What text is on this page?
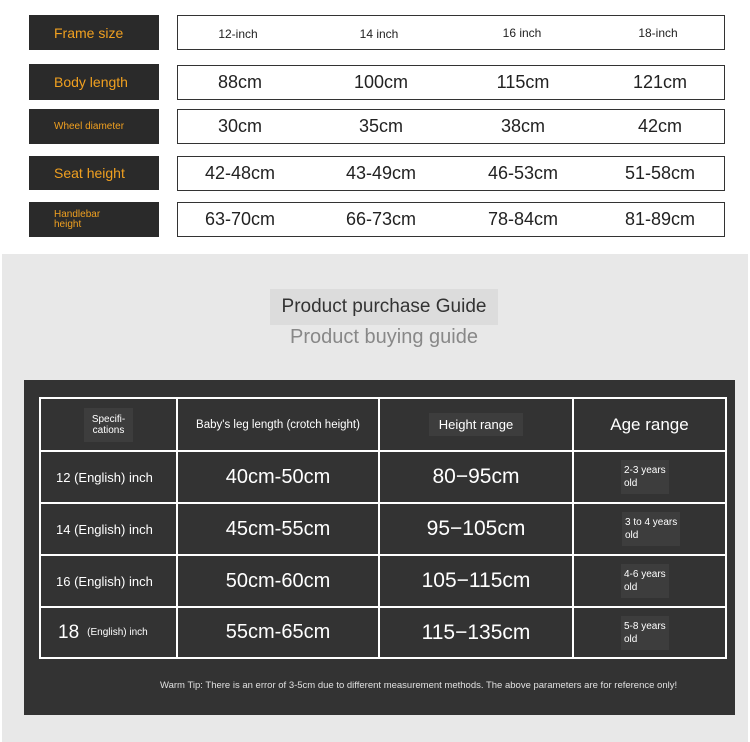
Frame size	12-inch	14 inch	16 inch	18-inch
Body length	88cm	100cm	115cm	121cm
Wheel diameter	30cm	35cm	38cm	42cm
Seat height	42-48cm	43-49cm	46-53cm	51-58cm
Handlebar
height	63-70cm	66-73cm	78-84cm	81-89cm
Product purchase Guide
Product buying guide
Specifi-
cations	Baby's leg length (crotch height)	Height range	Age range
12 (English) inch	40cm-50cm	80−95cm	2-3 years
old
14 (English) inch	45cm-55cm	95−105cm	3 to 4 years
old
16 (English) inch	50cm-60cm	105−115cm	4-6 years
old
18 (English) inch	55cm-65cm	115−135cm	5-8 years
old
Warm Tip: There is an error of 3-5cm due to different measurement methods. The above parameters are for reference only!
